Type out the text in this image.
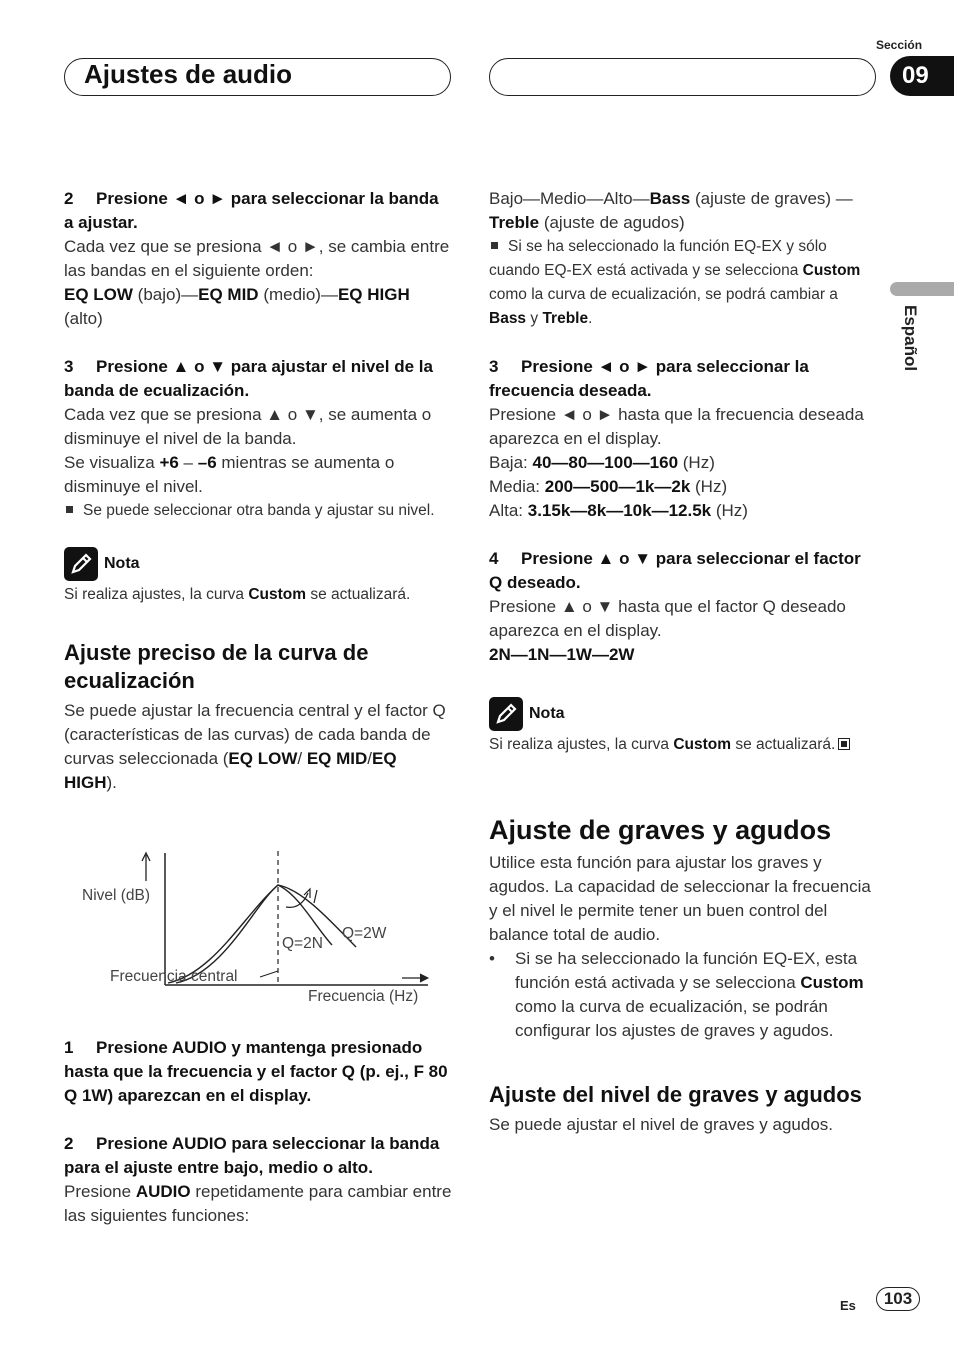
Ajustes de audio
Sección
09
Español

2 Presione ◄ o ► para seleccionar la banda a ajustar.

Cada vez que se presiona ◄ o ►, se cambia entre las bandas en el siguiente orden:

EQ LOW (bajo)—EQ MID (medio)—EQ HIGH (alto)

3 Presione ▲ o ▼ para ajustar el nivel de la banda de ecualización.

Cada vez que se presiona ▲ o ▼, se aumenta o disminuye el nivel de la banda.

Se visualiza +6 – –6 mientras se aumenta o disminuye el nivel.

Se puede seleccionar otra banda y ajustar su nivel.

Nota

Si realiza ajustes, la curva Custom se actualizará.

Ajuste preciso de la curva de ecualización

Se puede ajustar la frecuencia central y el factor Q (características de las curvas) de cada banda de curvas seleccionada (EQ LOW/ EQ MID/EQ HIGH).

Nivel (dB)
Q=2W
Q=2N
Frecuencia central
Frecuencia (Hz)

1 Presione AUDIO y mantenga presionado hasta que la frecuencia y el factor Q (p. ej., F 80 Q 1W) aparezcan en el display.

2 Presione AUDIO para seleccionar la banda para el ajuste entre bajo, medio o alto.

Presione AUDIO repetidamente para cambiar entre las siguientes funciones:

Bajo—Medio—Alto—Bass (ajuste de graves) —Treble (ajuste de agudos)

Si se ha seleccionado la función EQ-EX y sólo cuando EQ-EX está activada y se selecciona Custom como la curva de ecualización, se podrá cambiar a Bass y Treble.

3 Presione ◄ o ► para seleccionar la frecuencia deseada.

Presione ◄ o ► hasta que la frecuencia deseada aparezca en el display.

Baja: 40—80—100—160 (Hz)

Media: 200—500—1k—2k (Hz)

Alta: 3.15k—8k—10k—12.5k (Hz)

4 Presione ▲ o ▼ para seleccionar el factor Q deseado.

Presione ▲ o ▼ hasta que el factor Q deseado aparezca en el display.

2N—1N—1W—2W

Nota

Si realiza ajustes, la curva Custom se actualizará.

Ajuste de graves y agudos

Utilice esta función para ajustar los graves y agudos. La capacidad de seleccionar la frecuencia y el nivel le permite tener un buen control del balance total de audio.

• Si se ha seleccionado la función EQ-EX, esta función está activada y se selecciona Custom como la curva de ecualización, se podrán configurar los ajustes de graves y agudos.

Ajuste del nivel de graves y agudos

Se puede ajustar el nivel de graves y agudos.

Es	103
